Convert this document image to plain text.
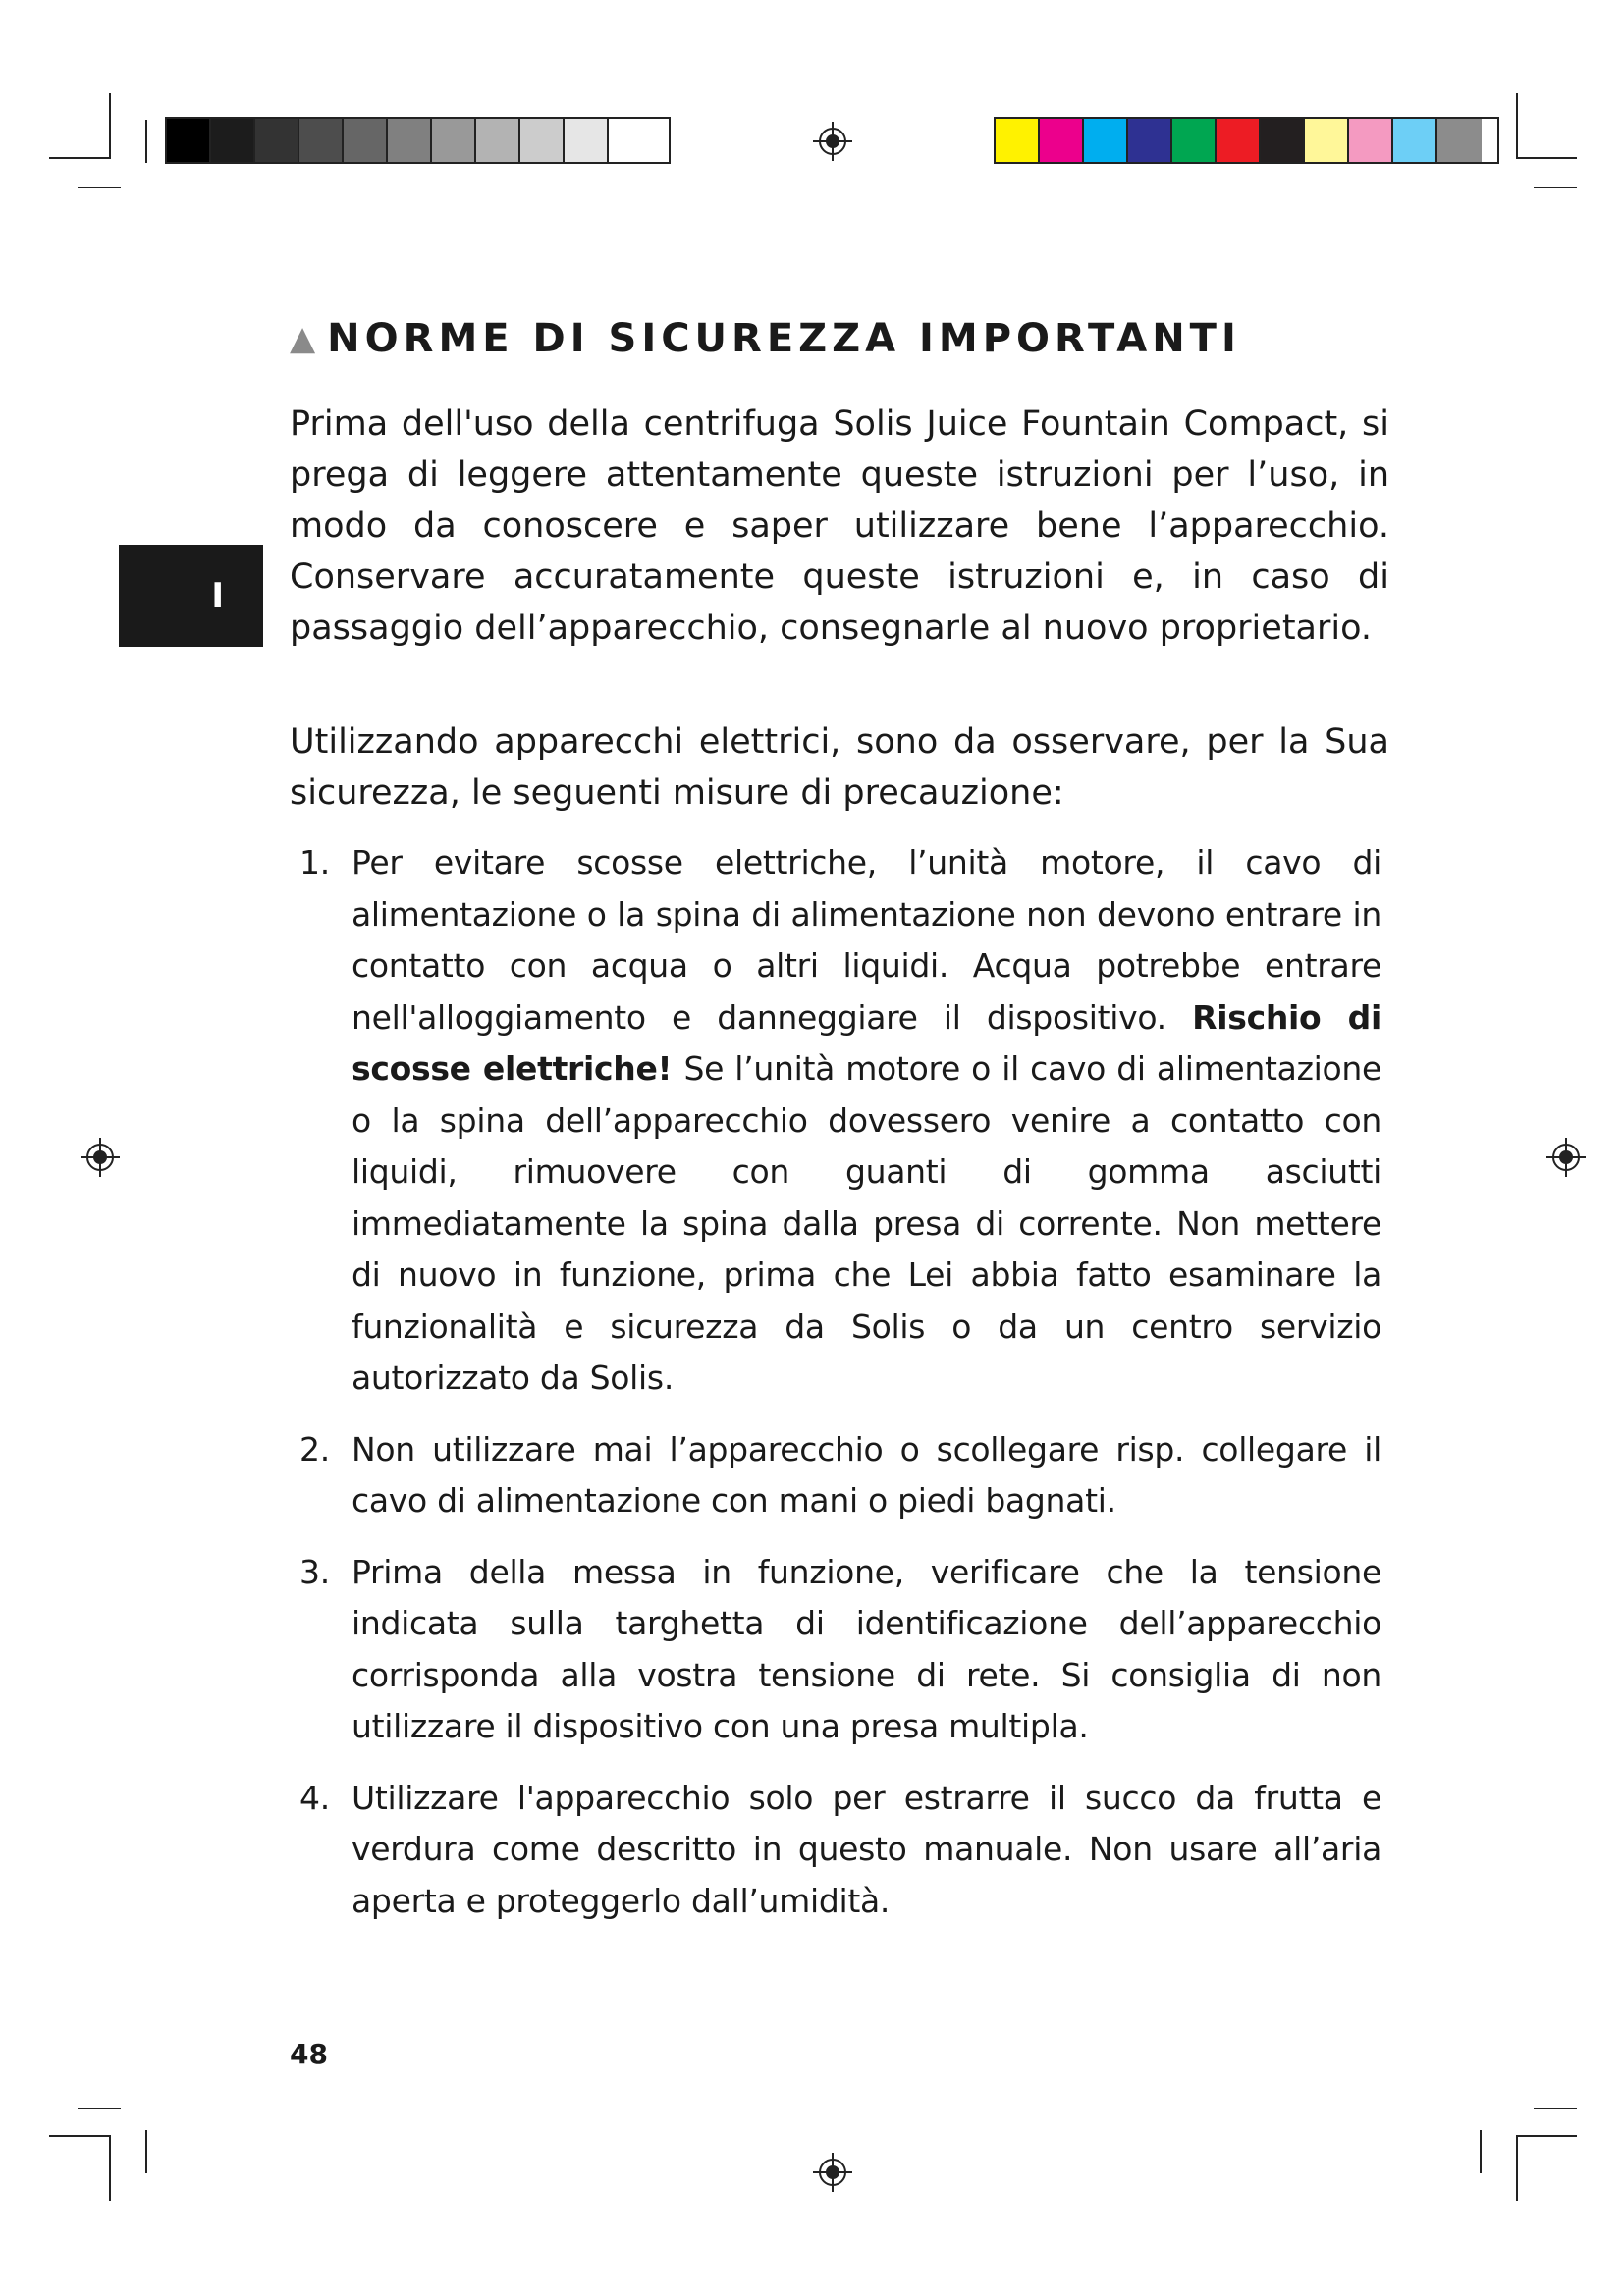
I
▲ NORME DI SICUREZZA IMPORTANTI

Prima dell'uso della centrifuga Solis Juice Fountain Compact, si prega di leggere attentamente queste istruzioni per l’uso, in modo da conoscere e saper utilizzare bene l’apparecchio. Conservare accuratamente queste istruzioni e, in caso di passaggio dell’apparecchio, consegnarle al nuovo proprietario.

Utilizzando apparecchi elettrici, sono da osservare, per la Sua sicurezza, le seguenti misure di precauzione:

1. Per evitare scosse elettriche, l’unità motore, il cavo di alimentazione o la spina di alimentazione non devono entrare in contatto con acqua o altri liquidi. Acqua potrebbe entrare nell'alloggiamento e danneggiare il dispositivo. Rischio di scosse elettriche! Se l’unità motore o il cavo di alimentazione o la spina dell’apparecchio dovessero venire a contatto con liquidi, rimuovere con guanti di gomma asciutti immediatamente la spina dalla presa di corrente. Non mettere di nuovo in funzione, prima che Lei abbia fatto esaminare la funzionalità e sicurezza da Solis o da un centro servizio autorizzato da Solis.
2. Non utilizzare mai l’apparecchio o scollegare risp. collegare il cavo di alimentazione con mani o piedi bagnati.
3. Prima della messa in funzione, verificare che la tensione indicata sulla targhetta di identificazione dell’apparecchio corrisponda alla vostra tensione di rete. Si consiglia di non utilizzare il dispositivo con una presa multipla.
4. Utilizzare l'apparecchio solo per estrarre il succo da frutta e verdura come descritto in questo manuale. Non usare all’aria aperta e proteggerlo dall’umidità.
48
